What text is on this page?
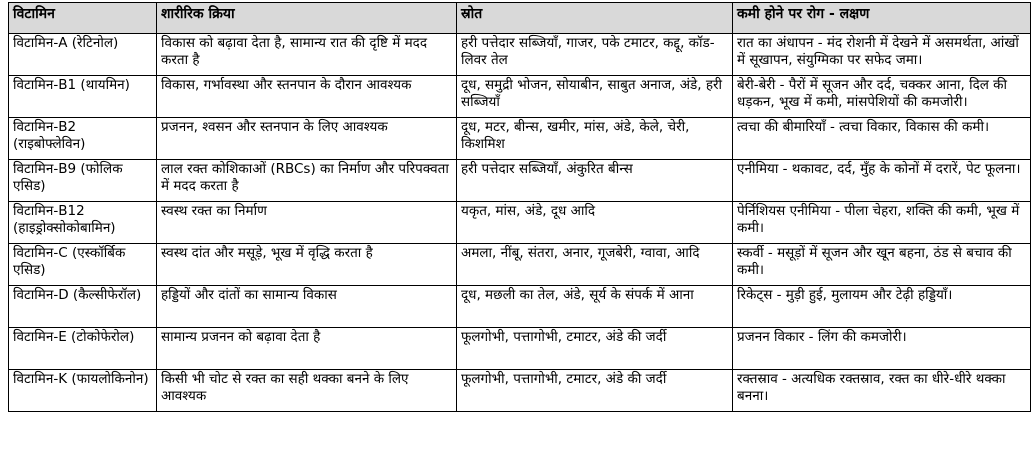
विटामिन	शारीरिक क्रिया	स्रोत	कमी होने पर रोग - लक्षण
विटामिन-A (रेटिनोल)	विकास को बढ़ावा देता है, सामान्य रात की दृष्टि में मदद करता है	हरी पत्तेदार सब्जियाँ, गाजर, पके टमाटर, कद्दू, कॉड-लिवर तेल	रात का अंधापन - मंद रोशनी में देखने में असमर्थता, आंखों में सूखापन, संयुग्मिका पर सफेद जमा।
विटामिन-B1 (थायमिन)	विकास, गर्भावस्था और स्तनपान के दौरान आवश्यक	दूध, समुद्री भोजन, सोयाबीन, साबुत अनाज, अंडे, हरी सब्जियाँ	बेरी-बेरी - पैरों में सूजन और दर्द, चक्कर आना, दिल की धड़कन, भूख में कमी, मांसपेशियों की कमजोरी।
विटामिन-B2 (राइबोफ्लेविन)	प्रजनन, श्वसन और स्तनपान के लिए आवश्यक	दूध, मटर, बीन्स, खमीर, मांस, अंडे, केले, चेरी, किशमिश	त्वचा की बीमारियाँ - त्वचा विकार, विकास की कमी।
विटामिन-B9 (फोलिक एसिड)	लाल रक्त कोशिकाओं (RBCs) का निर्माण और परिपक्वता में मदद करता है	हरी पत्तेदार सब्जियाँ, अंकुरित बीन्स	एनीमिया - थकावट, दर्द, मुँह के कोनों में दरारें, पेट फूलना।
विटामिन-B12 (हाइड्रोक्सोकोबामिन)	स्वस्थ रक्त का निर्माण	यकृत, मांस, अंडे, दूध आदि	पेर्निशियस एनीमिया - पीला चेहरा, शक्ति की कमी, भूख में कमी।
विटामिन-C (एस्कॉर्बिक एसिड)	स्वस्थ दांत और मसूड़े, भूख में वृद्धि करता है	अमला, नींबू, संतरा, अनार, गूजबेरी, ग्वावा, आदि	स्कर्वी - मसूड़ों में सूजन और खून बहना, ठंड से बचाव की कमी।
विटामिन-D (कैल्सीफेरॉल)	हड्डियों और दांतों का सामान्य विकास	दूध, मछली का तेल, अंडे, सूर्य के संपर्क में आना	रिकेट्स - मुड़ी हुई, मुलायम और टेढ़ी हड्डियाँ।
विटामिन-E (टोकोफेरोल)	सामान्य प्रजनन को बढ़ावा देता है	फूलगोभी, पत्तागोभी, टमाटर, अंडे की जर्दी	प्रजनन विकार - लिंग की कमजोरी।
विटामिन-K (फायलोकिनोन)	किसी भी चोट से रक्त का सही थक्का बनने के लिए आवश्यक	फूलगोभी, पत्तागोभी, टमाटर, अंडे की जर्दी	रक्तस्राव - अत्यधिक रक्तस्राव, रक्त का धीरे-धीरे थक्का बनना।
